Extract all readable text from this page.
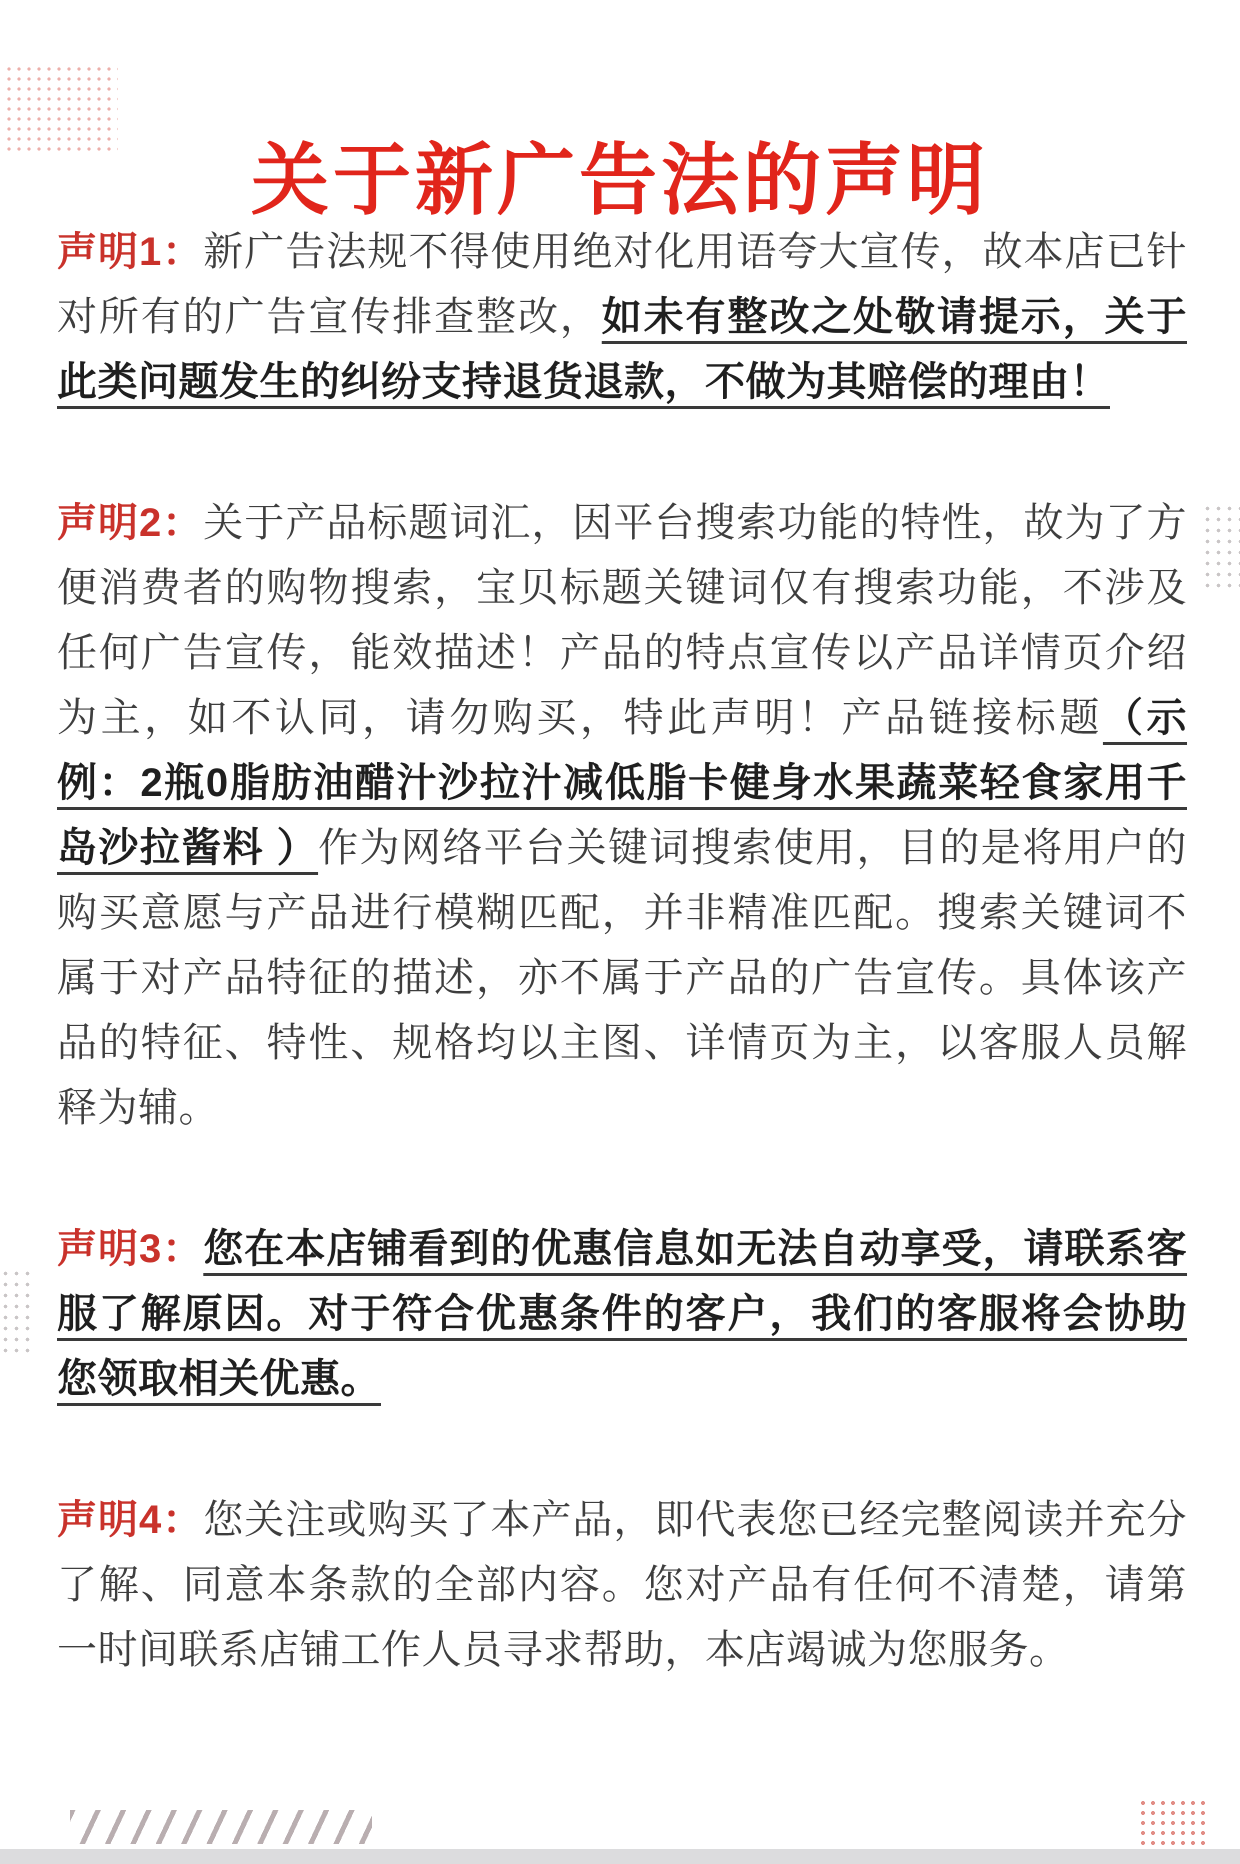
关于新广告法的声明

声明1：新广告法规不得使用绝对化用语夸大宣传，故本店已针对所有的广告宣传排查整改，如未有整改之处敬请提示，关于此类问题发生的纠纷支持退货退款，不做为其赔偿的理由！

声明2：关于产品标题词汇，因平台搜索功能的特性，故为了方便消费者的购物搜索，宝贝标题关键词仅有搜索功能，不涉及任何广告宣传，能效描述！产品的特点宣传以产品详情页介绍为主，如不认同，请勿购买，特此声明！产品链接标题（示例：2瓶0脂肪油醋汁沙拉汁减低脂卡健身水果蔬菜轻食家用千岛沙拉酱料 ）作为网络平台关键词搜索使用，目的是将用户的购买意愿与产品进行模糊匹配，并非精准匹配。搜索关键词不属于对产品特征的描述，亦不属于产品的广告宣传。具体该产品的特征、特性、规格均以主图、详情页为主，以客服人员解释为辅。

声明3：您在本店铺看到的优惠信息如无法自动享受，请联系客服了解原因。对于符合优惠条件的客户，我们的客服将会协助您领取相关优惠。

声明4：您关注或购买了本产品，即代表您已经完整阅读并充分了解、同意本条款的全部内容。您对产品有任何不清楚，请第一时间联系店铺工作人员寻求帮助，本店竭诚为您服务。
